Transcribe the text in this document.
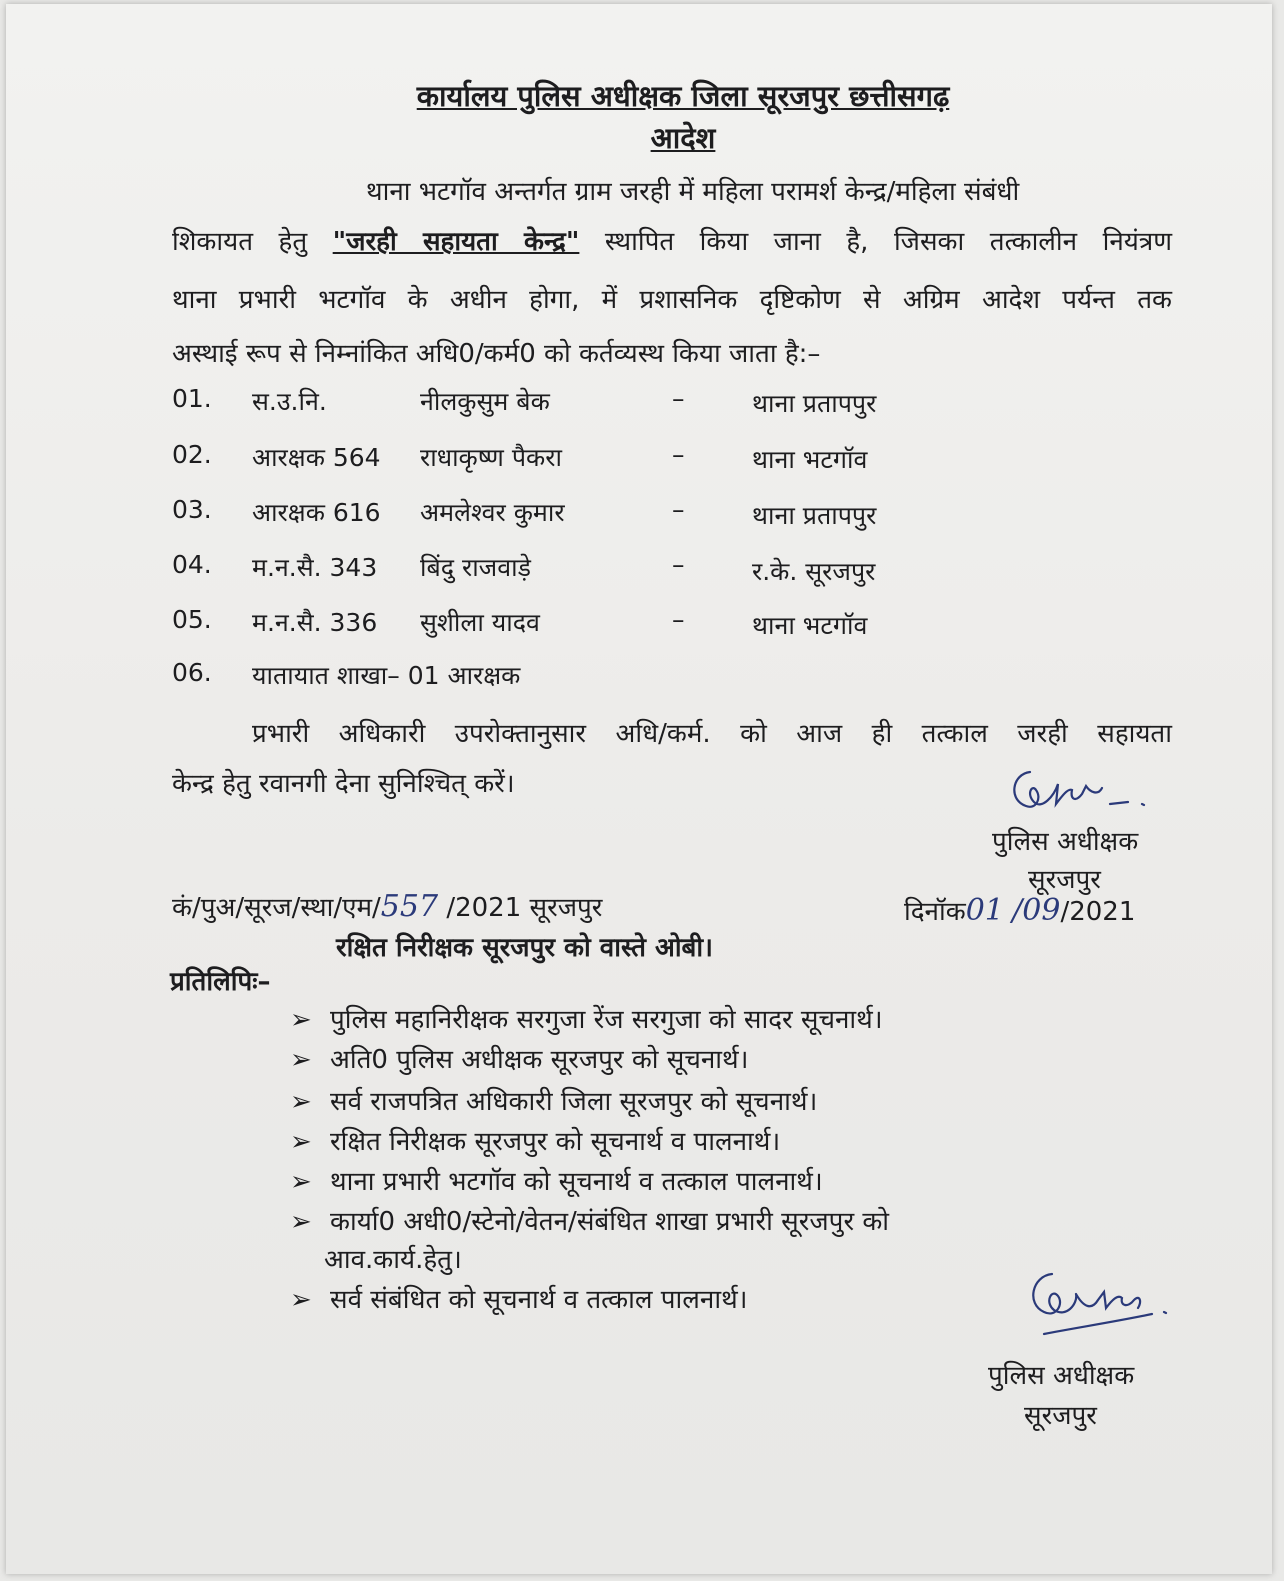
कार्यालय पुलिस अधीक्षक जिला सूरजपुर छत्तीसगढ़
आदेश
थाना भटगॉव अन्तर्गत ग्राम जरही में महिला परामर्श केन्द्र/महिला संबंधी
शिकायत हेतु "जरही सहायता केन्द्र" स्थापित किया जाना है, जिसका तत्कालीन नियंत्रण
थाना प्रभारी भटगॉव के अधीन होगा, में प्रशासनिक दृष्टिकोण से अग्रिम आदेश पर्यन्त तक
अस्थाई रूप से निम्नांकित अधि0/कर्म0 को कर्तव्यस्थ किया जाता है:–
01. स.उ.नि.	नीलकुसुम बेक	–	थाना प्रतापपुर
02. आरक्षक 564 राधाकृष्ण पैकरा	–	थाना भटगॉव
03. आरक्षक 616 अमलेश्वर कुमार	–	थाना प्रतापपुर
04. म.न.सै. 343 बिंदु राजवाड़े	–	र.के. सूरजपुर
05. म.न.सै. 336 सुशीला यादव	–	थाना भटगॉव
06. यातायात शाखा– 01 आरक्षक
प्रभारी अधिकारी उपरोक्तानुसार अधि/कर्म. को आज ही तत्काल जरही सहायता
केन्द्र हेतु रवानगी देना सुनिश्चित् करें।
पुलिस अधीक्षक
सूरजपुर
कं/पुअ/सूरज/स्था/एम/557 /2021 सूरजपुर	दिनॉक01 /09/2021
रक्षित निरीक्षक सूरजपुर को वास्ते ओबी।
प्रतिलिपिः–
➢ पुलिस महानिरीक्षक सरगुजा रेंज सरगुजा को सादर सूचनार्थ।
➢ अति0 पुलिस अधीक्षक सूरजपुर को सूचनार्थ।
➢ सर्व राजपत्रित अधिकारी जिला सूरजपुर को सूचनार्थ।
➢ रक्षित निरीक्षक सूरजपुर को सूचनार्थ व पालनार्थ।
➢ थाना प्रभारी भटगॉव को सूचनार्थ व तत्काल पालनार्थ।
➢ कार्या0 अधी0/स्टेनो/वेतन/संबंधित शाखा प्रभारी सूरजपुर को
आव.कार्य.हेतु।
➢ सर्व संबंधित को सूचनार्थ व तत्काल पालनार्थ।
पुलिस अधीक्षक
सूरजपुर
